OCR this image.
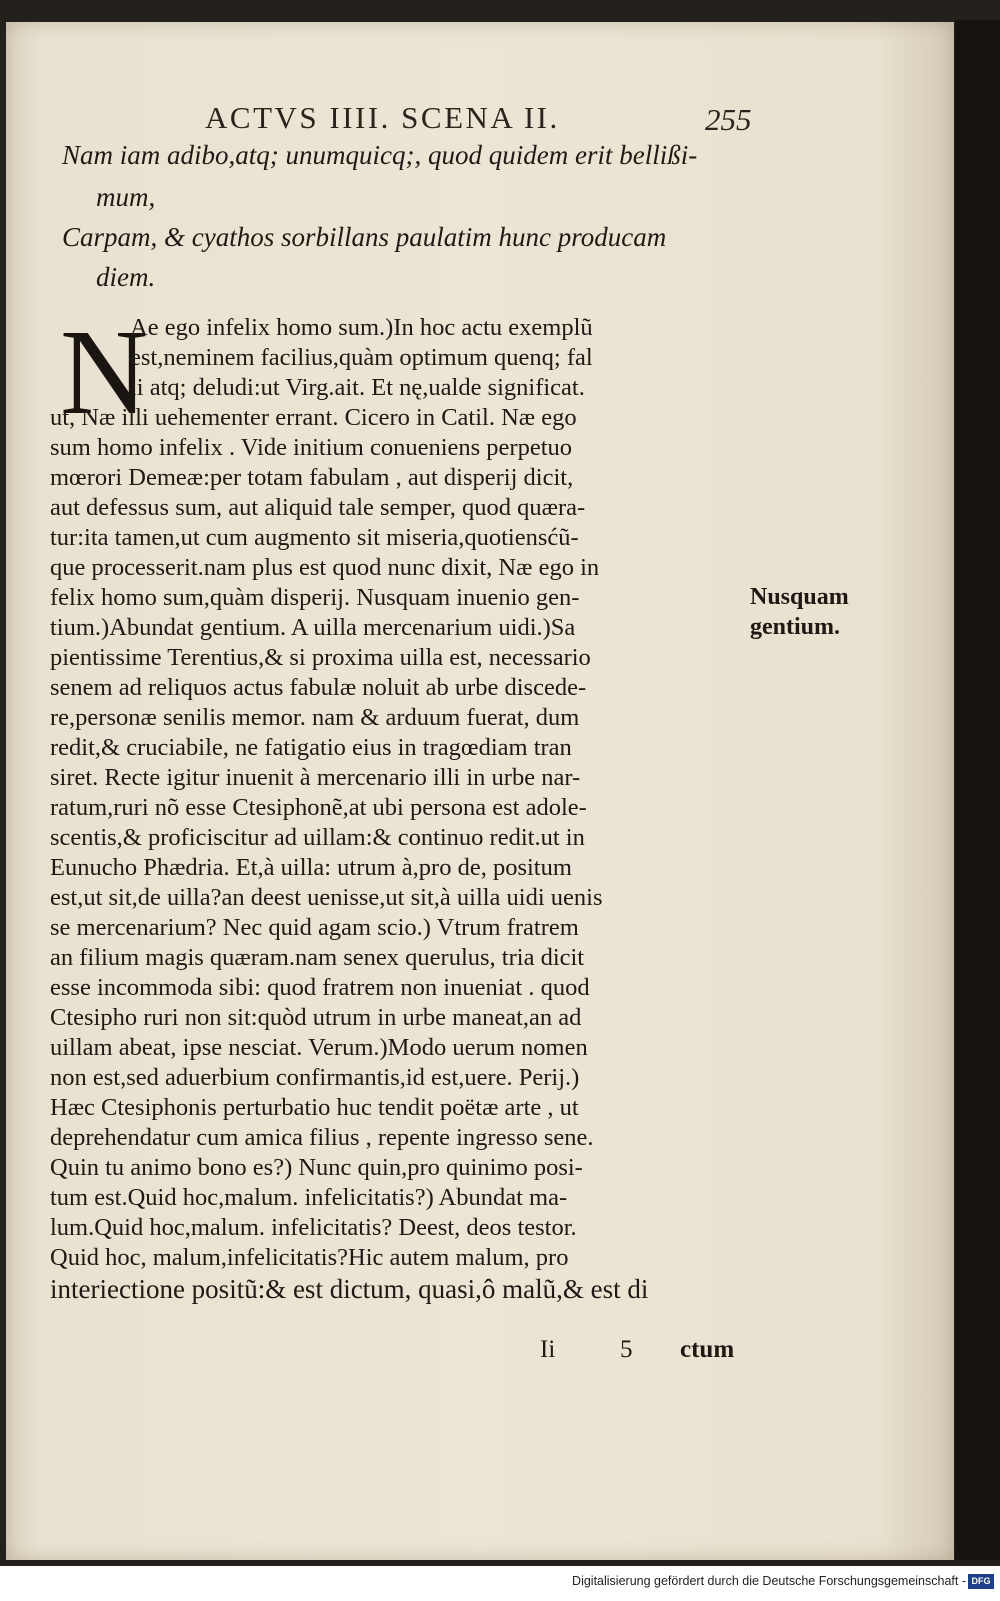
ACTVS IIII. SCENA II.	255
Nam iam adibo,atq; unumquicq;, quod quidem erit bellißi-
mum,
Carpam, & cyathos sorbillans paulatim hunc producam
diem.
N
Ae ego infelix homo sum.)In hoc actu exemplũ
est,neminem facilius,quàm optimum quenq; fal
li atq; deludi:ut Virg.ait. Et nę,ualde significat.
ut, Næ illi uehementer errant. Cicero in Catil. Næ ego
sum homo infelix . Vide initium conueniens perpetuo
mœrori Demeæ:per totam fabulam , aut disperij dicit,
aut defessus sum, aut aliquid tale semper, quod quæra-
tur:ita tamen,ut cum augmento sit miseria,quotiensćũ-
que processerit.nam plus est quod nunc dixit, Næ ego in
felix homo sum,quàm disperij. Nusquam inuenio gen-
tium.)Abundat gentium. A uilla mercenarium uidi.)Sa
pientissime Terentius,& si proxima uilla est, necessario
senem ad reliquos actus fabulæ noluit ab urbe discede-
re,personæ senilis memor. nam & arduum fuerat, dum
redit,& cruciabile, ne fatigatio eius in tragœdiam tran
siret. Recte igitur inuenit à mercenario illi in urbe nar-
ratum,ruri nõ esse Ctesiphonẽ,at ubi persona est adole-
scentis,& proficiscitur ad uillam:& continuo redit.ut in
Eunucho Phædria. Et,à uilla: utrum à,pro de, positum
est,ut sit,de uilla?an deest uenisse,ut sit,à uilla uidi uenis
se mercenarium? Nec quid agam scio.) Vtrum fratrem
an filium magis quæram.nam senex querulus, tria dicit
esse incommoda sibi: quod fratrem non inueniat . quod
Ctesipho ruri non sit:quòd utrum in urbe maneat,an ad
uillam abeat, ipse nesciat. Verum.)Modo uerum nomen
non est,sed aduerbium confirmantis,id est,uere. Perij.)
Hæc Ctesiphonis perturbatio huc tendit poëtæ arte , ut
deprehendatur cum amica filius , repente ingresso sene.
Quin tu animo bono es?) Nunc quin,pro quinimo posi-
tum est.Quid hoc,malum. infelicitatis?) Abundat ma-
lum.Quid hoc,malum. infelicitatis? Deest, deos testor.
Quid hoc, malum,infelicitatis?Hic autem malum, pro
interiectione positũ:& est dictum, quasi,ô malũ,& est di
Nusquam
gentium.
Ii	5 ctum
Digitalisierung gefördert durch die Deutsche Forschungsgemeinschaft - DFG
